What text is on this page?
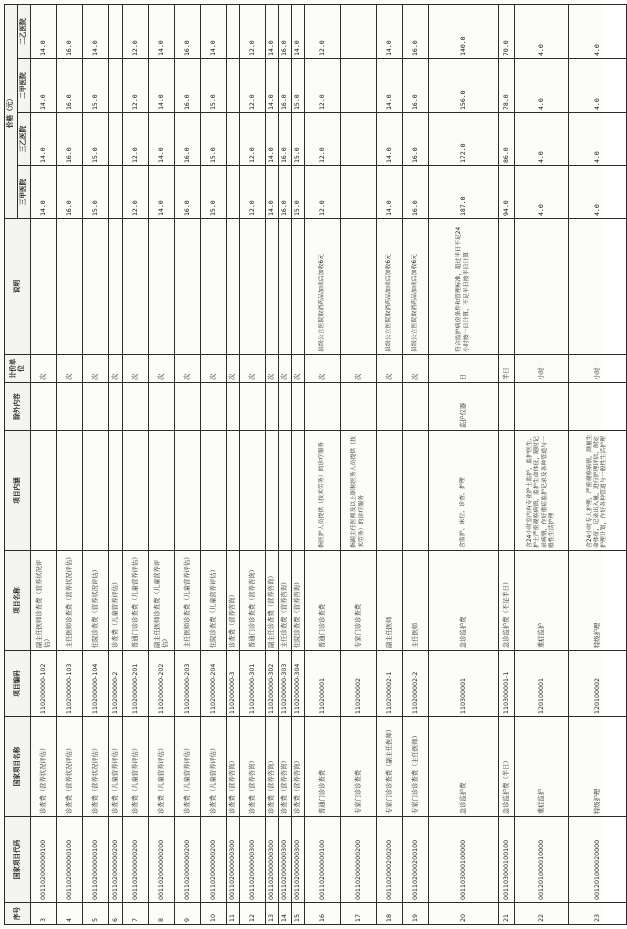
序号	国家项目代码	国家项目名称	项目编码	项目名称	项目内涵	除外内容	计价单位	说明	价格（元）			
									三甲医院	三乙医院	二甲医院	二乙医院
3	001102000000100	诊查费（营养状况评估）	110200000-102	副主任医师诊查费（营养状况评估）			次		14.0	14.0	14.0	14.0
4	001102000000100	诊查费（营养状况评估）	110200000-103	主任医师诊查费（营养状况评估）			次		16.0	16.0	16.0	16.0
5	001102000000100	诊查费（营养状况评估）	110200000-104	住院诊查费（营养状况评估）			次		15.0	15.0	15.0	14.0
6	001102000000200	诊查费（儿童营养评估）	110200000-2	诊查费（儿童营养评估）			次					
7	001102000000200	诊查费（儿童营养评估）	110200000-201	普通门诊诊查费（儿童营养评估）			次		12.0	12.0	12.0	12.0
8	001102000000200	诊查费（儿童营养评估）	110200000-202	副主任医师诊查费（儿童营养评估）			次		14.0	14.0	14.0	14.0
9	001102000000200	诊查费（儿童营养评估）	110200000-203	主任医师诊查费（儿童营养评估）			次		16.0	16.0	16.0	16.0
10	001102000000200	诊查费（儿童营养评估）	110200000-204	住院诊查费（儿童营养评估）			次		15.0	15.0	15.0	14.0
11	001102000000300	诊查费（营养咨询）	110200000-3	诊查费（营养咨询）			次					
12	001102000000300	诊查费（营养咨询）	110200000-301	普通门诊诊查费（营养咨询）			次		12.0	12.0	12.0	12.0
13	001102000000300	诊查费（营养咨询）	110200000-302	副主任诊查费（营养咨询）			次		14.0	14.0	14.0	14.0
14	001102000000300	诊查费（营养咨询）	110200000-303	主任诊查费（营养咨询）			次		16.0	16.0	16.0	16.0
15	001102000000300	诊查费（营养咨询）	110200000-304	住院诊查费（营养咨询）			次		15.0	15.0	15.0	14.0
16	001102000000100	普通门诊诊查费	110200001	普通门诊诊查费	指医护人员提供（技术劳务）的诊疗服务		次	县级公立医院取消药品加成后加收6元	12.0	12.0	12.0	12.0
17	001102000000200	专家门诊诊查费	110200002	专家门诊诊查费	指副主任医师及以上职称医务人员提供（技术劳务）的诊疗服务		次					
18	001102000200200	专家门诊诊查费（副主任医师）	110200002-1	副主任医师			次	县级公立医院取消药品加成后加收6元	14.0	14.0	14.0	14.0
19	001102000200100	专家门诊诊查费（主任医师）	110200002-2	主任医师			次	县级公立医院取消药品加成后加收6元	16.0	16.0	16.0	16.0
20	001103000100000	急诊监护费	110300001	急诊监护费	含监护、床位、诊查、护理	监护仪器	日	符合监护病房条件和管理标准，超过半日不足24小时按一日计算，不足半日按半日计算	187.0	172.0	156.0	140.0
21	001103000100100	急诊监护费（半日）	110300001-1	急诊监护费（不足半日）			半日		94.0	86.0	78.0	70.0
22	001201000010000	重症监护	120100001	重症监护	含24小时室内有专业护士监护，监护医生、护士严密观察病情，监护生命体征，随时记录病情，作好重症监护记录及各种管道与一般性生活护理		小时		4.0	4.0	4.0	4.0
23	001201000020000	特级护理	120100002	特级护理	含24小时专人护理，严密观察病情，测量生命体征，记录出入量，进行护理评估，制定护理计划，作好各种管道与一般性生活护理		小时		4.0	4.0	4.0	4.0
